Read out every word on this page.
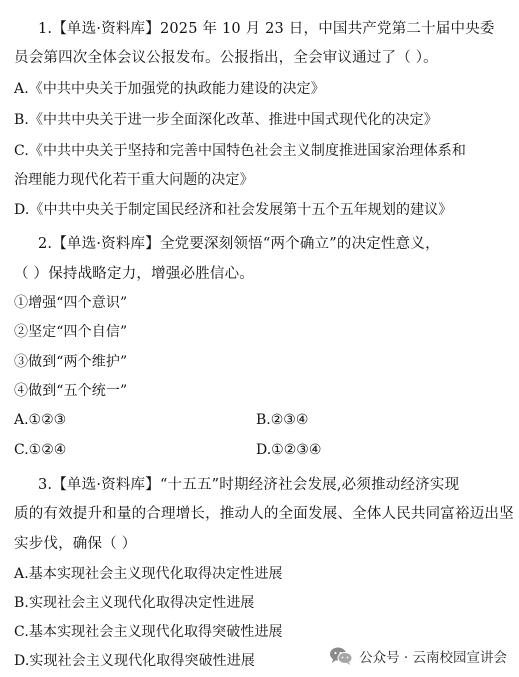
1.【单选·资料库】2025 年 10 月 23 日，中国共产党第二十届中央委
员会第四次全体会议公报发布。公报指出，全会审议通过了（ ）。
A.《中共中央关于加强党的执政能力建设的决定》
B.《中共中央关于进一步全面深化改革、推进中国式现代化的决定》
C.《中共中央关于坚持和完善中国特色社会主义制度推进国家治理体系和
治理能力现代化若干重大问题的决定》
D.《中共中央关于制定国民经济和社会发展第十五个五年规划的建议》
2.【单选·资料库】全党要深刻领悟“两个确立”的决定性意义，
（ ）保持战略定力，增强必胜信心。
①增强“四个意识”
②坚定“四个自信”
③做到“两个维护”
④做到“五个统一”
A.①②③	B.②③④
C.①②④	D.①②③④
3.【单选·资料库】“十五五”时期经济社会发展,必须推动经济实现
质的有效提升和量的合理增长，推动人的全面发展、全体人民共同富裕迈出坚
实步伐，确保（ ）
A.基本实现社会主义现代化取得决定性进展
B.实现社会主义现代化取得决定性进展
C.基本实现社会主义现代化取得突破性进展
D.实现社会主义现代化取得突破性进展	公众号 · 云南校园宣讲会
